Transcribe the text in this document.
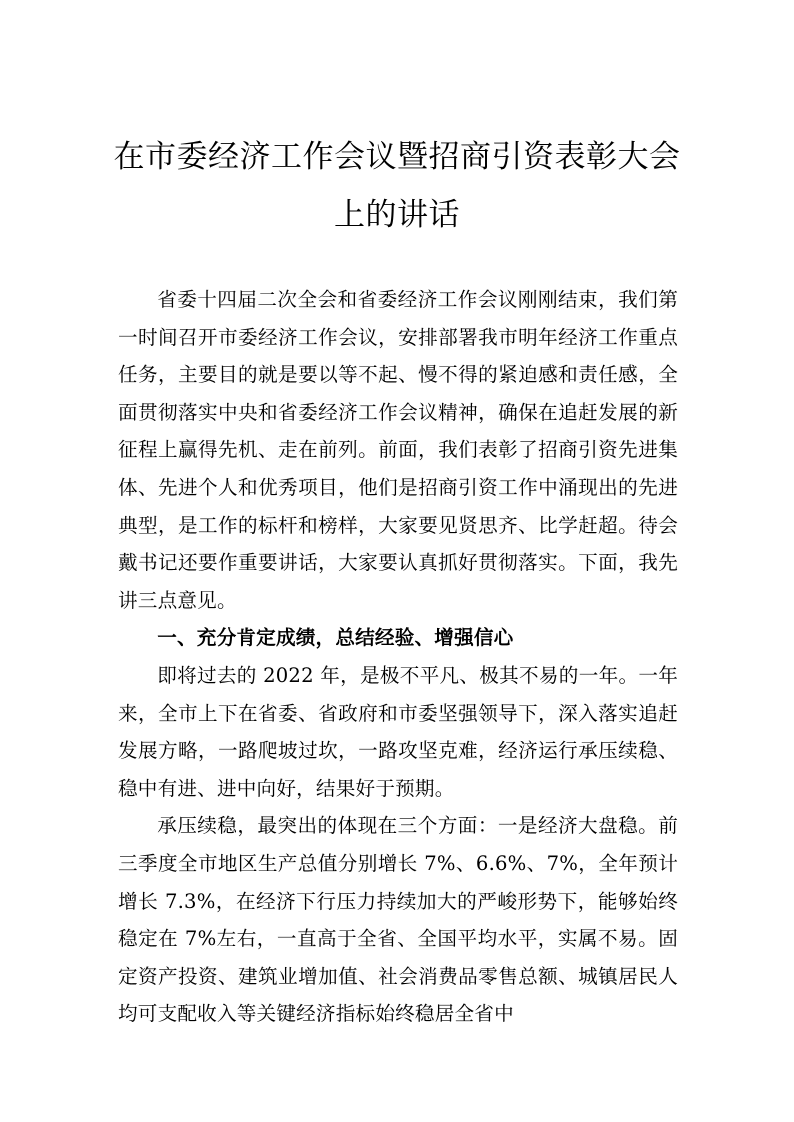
在市委经济工作会议暨招商引资表彰大会
上的讲话

省委十四届二次全会和省委经济工作会议刚刚结束，我们第一时间召开市委经济工作会议，安排部署我市明年经济工作重点任务，主要目的就是要以等不起、慢不得的紧迫感和责任感，全面贯彻落实中央和省委经济工作会议精神，确保在追赶发展的新征程上赢得先机、走在前列。前面，我们表彰了招商引资先进集体、先进个人和优秀项目，他们是招商引资工作中涌现出的先进典型，是工作的标杆和榜样，大家要见贤思齐、比学赶超。待会戴书记还要作重要讲话，大家要认真抓好贯彻落实。下面，我先讲三点意见。

一、充分肯定成绩，总结经验、增强信心

即将过去的 2022 年，是极不平凡、极其不易的一年。一年来，全市上下在省委、省政府和市委坚强领导下，深入落实追赶发展方略，一路爬坡过坎，一路攻坚克难，经济运行承压续稳、稳中有进、进中向好，结果好于预期。

承压续稳，最突出的体现在三个方面：一是经济大盘稳。前三季度全市地区生产总值分别增长 7%、6.6%、7%，全年预计增长 7.3%，在经济下行压力持续加大的严峻形势下，能够始终稳定在 7%左右，一直高于全省、全国平均水平，实属不易。固定资产投资、建筑业增加值、社会消费品零售总额、城镇居民人均可支配收入等关键经济指标始终稳居全省中
